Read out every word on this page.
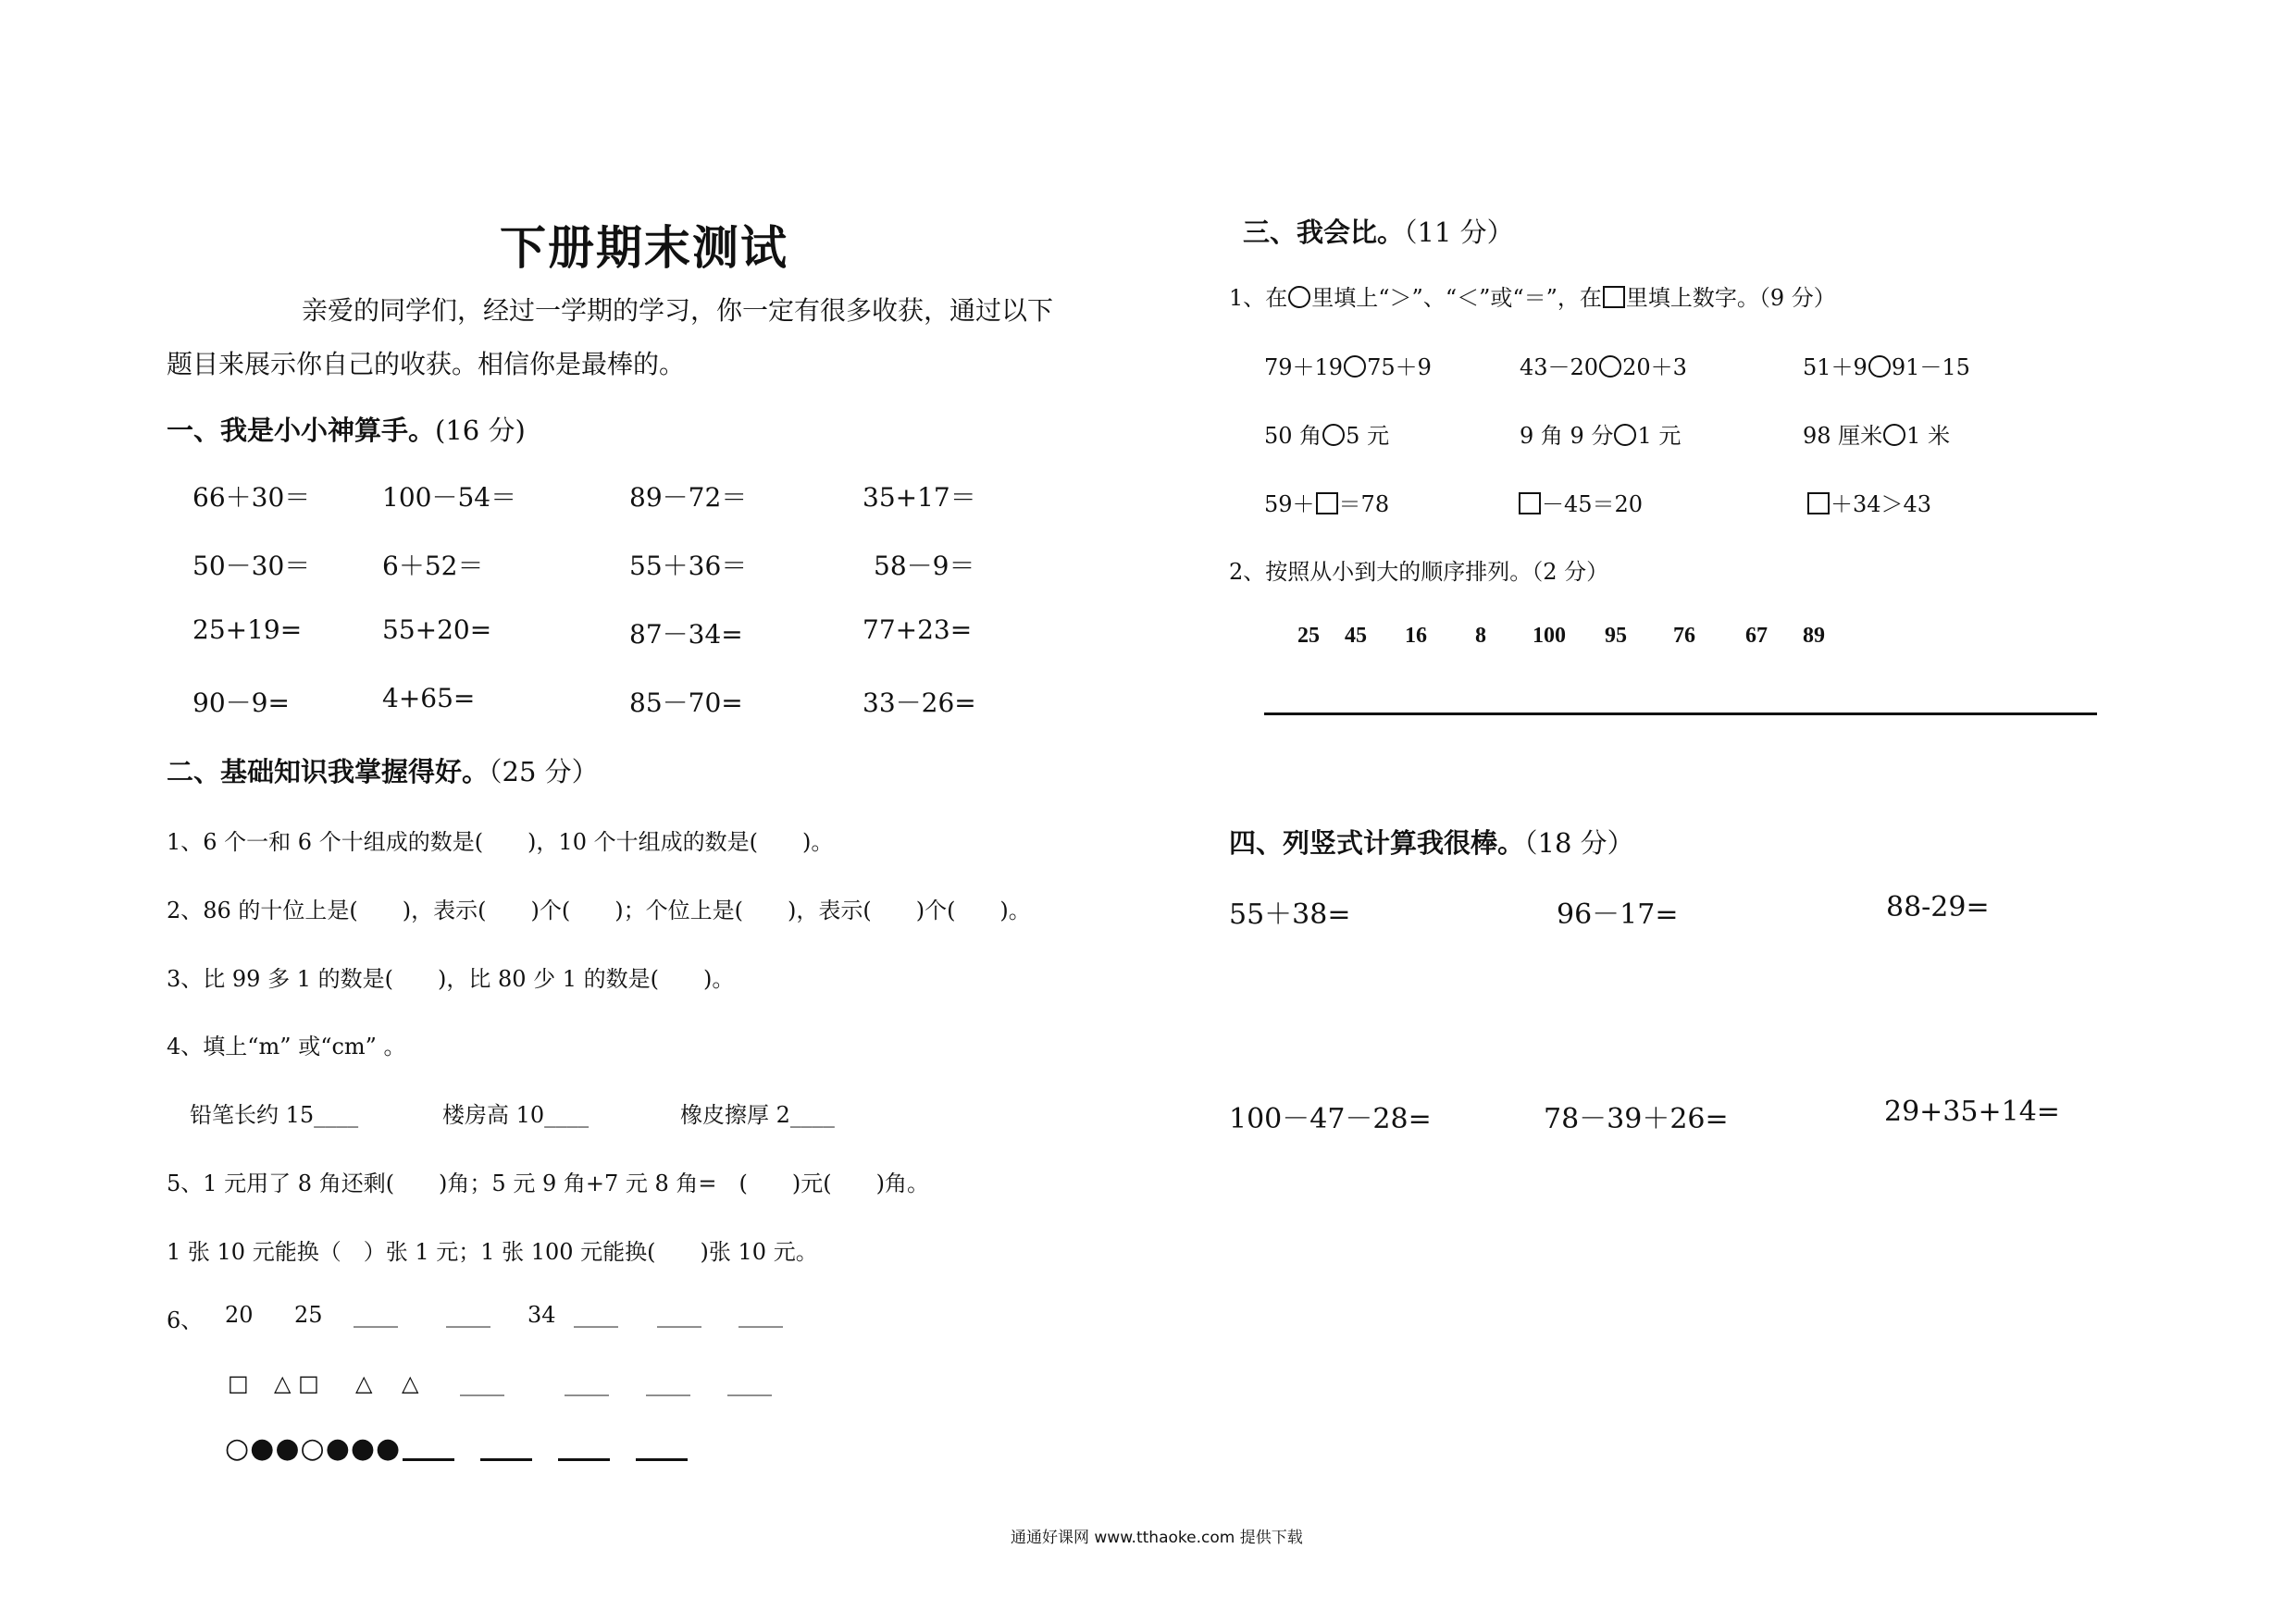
下册期末测试
亲爱的同学们，经过一学期的学习，你一定有很多收获，通过以下
题目来展示你自己的收获。相信你是最棒的。
一、我是小小神算手。(16 分)
66＋30＝	100－54＝	89－72＝	35+17＝
50－30＝	6＋52＝	55＋36＝	58－9＝
25+19=	55+20=	87－34=	77+23=
90－9=	4+65=	85－70=	33－26=
二、基础知识我掌握得好。（25 分）
1、6 个一和 6 个十组成的数是(　　)，10 个十组成的数是(　　)。
2、86 的十位上是(　　)，表示(　　)个(　　)；个位上是(　　)，表示(　　)个(　　)。
3、比 99 多 1 的数是(　　)，比 80 少 1 的数是(　　)。
4、填上“m” 或“cm” 。
铅笔长约 15____	楼房高 10____	橡皮擦厚 2____
5、1 元用了 8 角还剩(　　)角；5 元 9 角+7 元 8 角=　(　　)元(　　)角。
1 张 10 元能换（　）张 1 元；1 张 100 元能换(　　)张 10 元。
6、 20 25 ____ ____ 34 ____ ____ ____
□ △ □ △ △ ____	____ ____ ____
○●●○●●●
三、我会比。（11 分）
1、在 里填上“＞”、“＜”或“＝”，在 里填上数字。（9 分）
79＋19 75＋9	43－20 20＋3	51＋9 91－15
50 角 5 元	9 角 9 分 1 元	98 厘米 1 米
59＋ ＝78	－45＝20	＋34＞43
2、按照从小到大的顺序排列。（2 分）
25 45 16 8 100 95 76 67 89
四、列竖式计算我很棒。（18 分）
55＋38=	96－17=	88-29=
100－47－28=	78－39＋26=	29+35+14=
通通好课网 www.tthaoke.com 提供下载
